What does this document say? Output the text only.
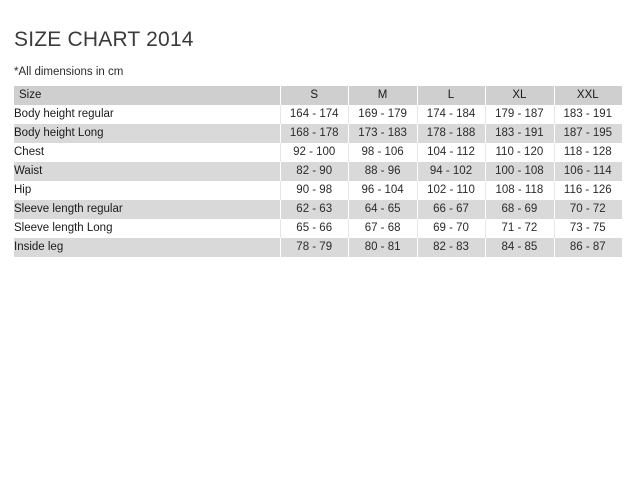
SIZE CHART 2014

*All dimensions in cm

Size	S	M	L	XL	XXL
Body height regular	164 - 174	169 - 179	174 - 184	179 - 187	183 - 191
Body height Long	168 - 178	173 - 183	178 - 188	183 - 191	187 - 195
Chest	92 - 100	98 - 106	104 - 112	110 - 120	118 - 128
Waist	82 - 90	88 - 96	94 - 102	100 - 108	106 - 114
Hip	90 - 98	96 - 104	102 - 110	108 - 118	116 - 126
Sleeve length regular	62 - 63	64 - 65	66 - 67	68 - 69	70 - 72
Sleeve length Long	65 - 66	67 - 68	69 - 70	71 - 72	73 - 75
Inside leg	78 - 79	80 - 81	82 - 83	84 - 85	86 - 87
